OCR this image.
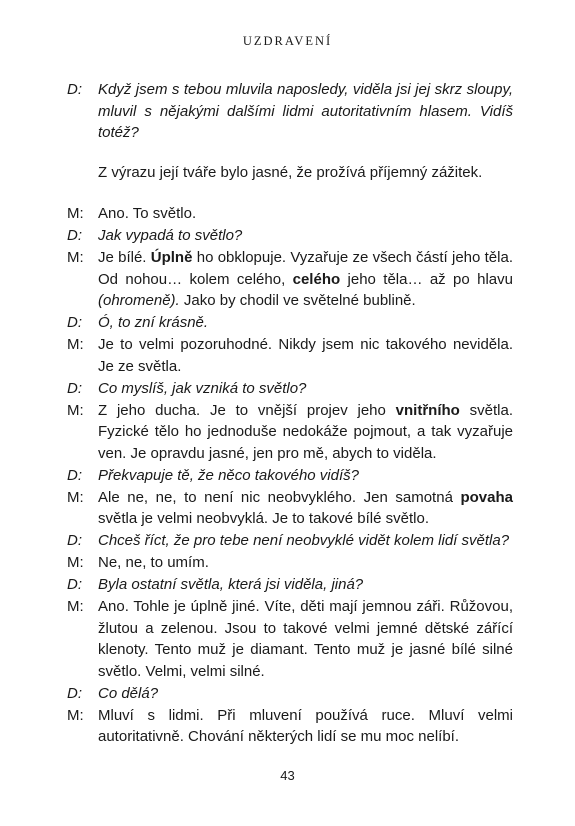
UZDRAVENÍ
D: Když jsem s tebou mluvila naposledy, viděla jsi jej skrz sloupy, mluvil s nějakými dalšími lidmi autoritativním hlasem. Vidíš totéž?
Z výrazu její tváře bylo jasné, že prožívá příjemný zážitek.
M: Ano. To světlo.
D: Jak vypadá to světlo?
M: Je bílé. Úplně ho obklopuje. Vyzařuje ze všech částí jeho těla. Od nohou… kolem celého, celého jeho těla… až po hlavu (ohromeně). Jako by chodil ve světelné bublině.
D: Ó, to zní krásně.
M: Je to velmi pozoruhodné. Nikdy jsem nic takového neviděla. Je ze světla.
D: Co myslíš, jak vzniká to světlo?
M: Z jeho ducha. Je to vnější projev jeho vnitřního světla. Fyzické tělo ho jednoduše nedokáže pojmout, a tak vyzařuje ven. Je opravdu jasné, jen pro mě, abych to viděla.
D: Překvapuje tě, že něco takového vidíš?
M: Ale ne, ne, to není nic neobvyklého. Jen samotná povaha světla je velmi neobvyklá. Je to takové bílé světlo.
D: Chceš říct, že pro tebe není neobvyklé vidět kolem lidí světla?
M: Ne, ne, to umím.
D: Byla ostatní světla, která jsi viděla, jiná?
M: Ano. Tohle je úplně jiné. Víte, děti mají jemnou záři. Růžovou, žlutou a zelenou. Jsou to takové velmi jemné dětské zářící klenoty. Tento muž je diamant. Tento muž je jasné bílé silné světlo. Velmi, velmi silné.
D: Co dělá?
M: Mluví s lidmi. Při mluvení používá ruce. Mluví velmi autoritativně. Chování některých lidí se mu moc nelíbí.
43
